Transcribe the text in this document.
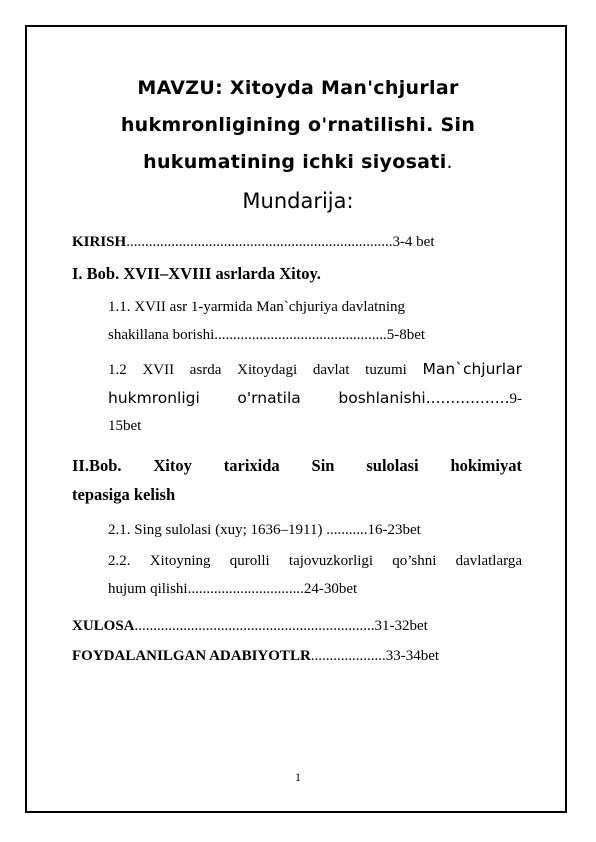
MAVZU: Xitoyda Man'chjurlar
hukmronligining o'rnatilishi. Sin
hukumatining ichki siyosati.
Mundarija:
KIRISH.......................................................................3-4 bet
I. Bob. XVII–XVIII asrlarda Xitoy.
1.1. XVII asr 1-yarmida Man`chjuriya davlatning
shakillana borishi..............................................5-8bet
1.2 XVII asrda Xitoydagi davlat tuzumi Man`chjurlar
hukmronligi o'rnatila boshlanishi.................9-
15bet
II.Bob. Xitoy tarixida Sin sulolasi hokimiyat
tepasiga kelish
2.1. Sing sulolasi (xuy; 1636–1911) ...........16-23bet
2.2. Xitoyning qurolli tajovuzkorligi qo’shni davlatlarga
hujum qilishi...............................24-30bet
XULOSA................................................................31-32bet
FOYDALANILGAN ADABIYOTLR....................33-34bet
1
